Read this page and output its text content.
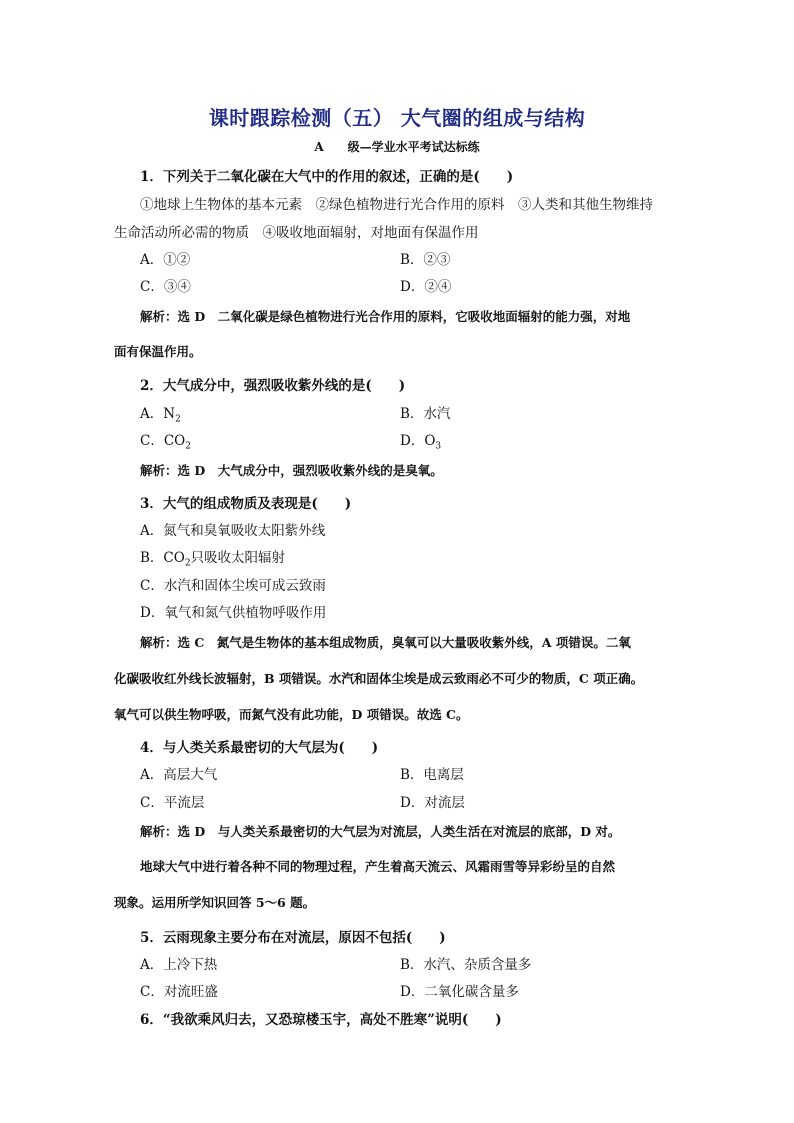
课时跟踪检测（五） 大气圈的组成与结构
A　　级—学业水平考试达标练
1．下列关于二氧化碳在大气中的作用的叙述，正确的是(　　)
①地球上生物体的基本元素　②绿色植物进行光合作用的原料　③人类和其他生物维持
生命活动所必需的物质　④吸收地面辐射，对地面有保温作用
A．①②	B．②③
C．③④	D．②④
解析：选 D　二氧化碳是绿色植物进行光合作用的原料，它吸收地面辐射的能力强，对地
面有保温作用。
2．大气成分中，强烈吸收紫外线的是(　　)
A．$N_2$	B．水汽
C．$CO_2$	D．$O_3$
解析：选 D　大气成分中，强烈吸收紫外线的是臭氧。
3．大气的组成物质及表现是(　　)
A．氮气和臭氧吸收太阳紫外线
B．$CO_2$只吸收太阳辐射
C．水汽和固体尘埃可成云致雨
D．氧气和氮气供植物呼吸作用
解析：选 C　氮气是生物体的基本组成物质，臭氧可以大量吸收紫外线，A 项错误。二氧
化碳吸收红外线长波辐射，B 项错误。水汽和固体尘埃是成云致雨必不可少的物质，C 项正确。
氧气可以供生物呼吸，而氮气没有此功能，D 项错误。故选 C。
4．与人类关系最密切的大气层为(　　)
A．高层大气	B．电离层
C．平流层	D．对流层
解析：选 D　与人类关系最密切的大气层为对流层，人类生活在对流层的底部，D 对。
地球大气中进行着各种不同的物理过程，产生着高天流云、风霜雨雪等异彩纷呈的自然
现象。运用所学知识回答 5～6 题。
5．云雨现象主要分布在对流层，原因不包括(　　)
A．上冷下热	B．水汽、杂质含量多
C．对流旺盛	D．二氧化碳含量多
6．“我欲乘风归去，又恐琼楼玉宇，高处不胜寒”说明(　　)
